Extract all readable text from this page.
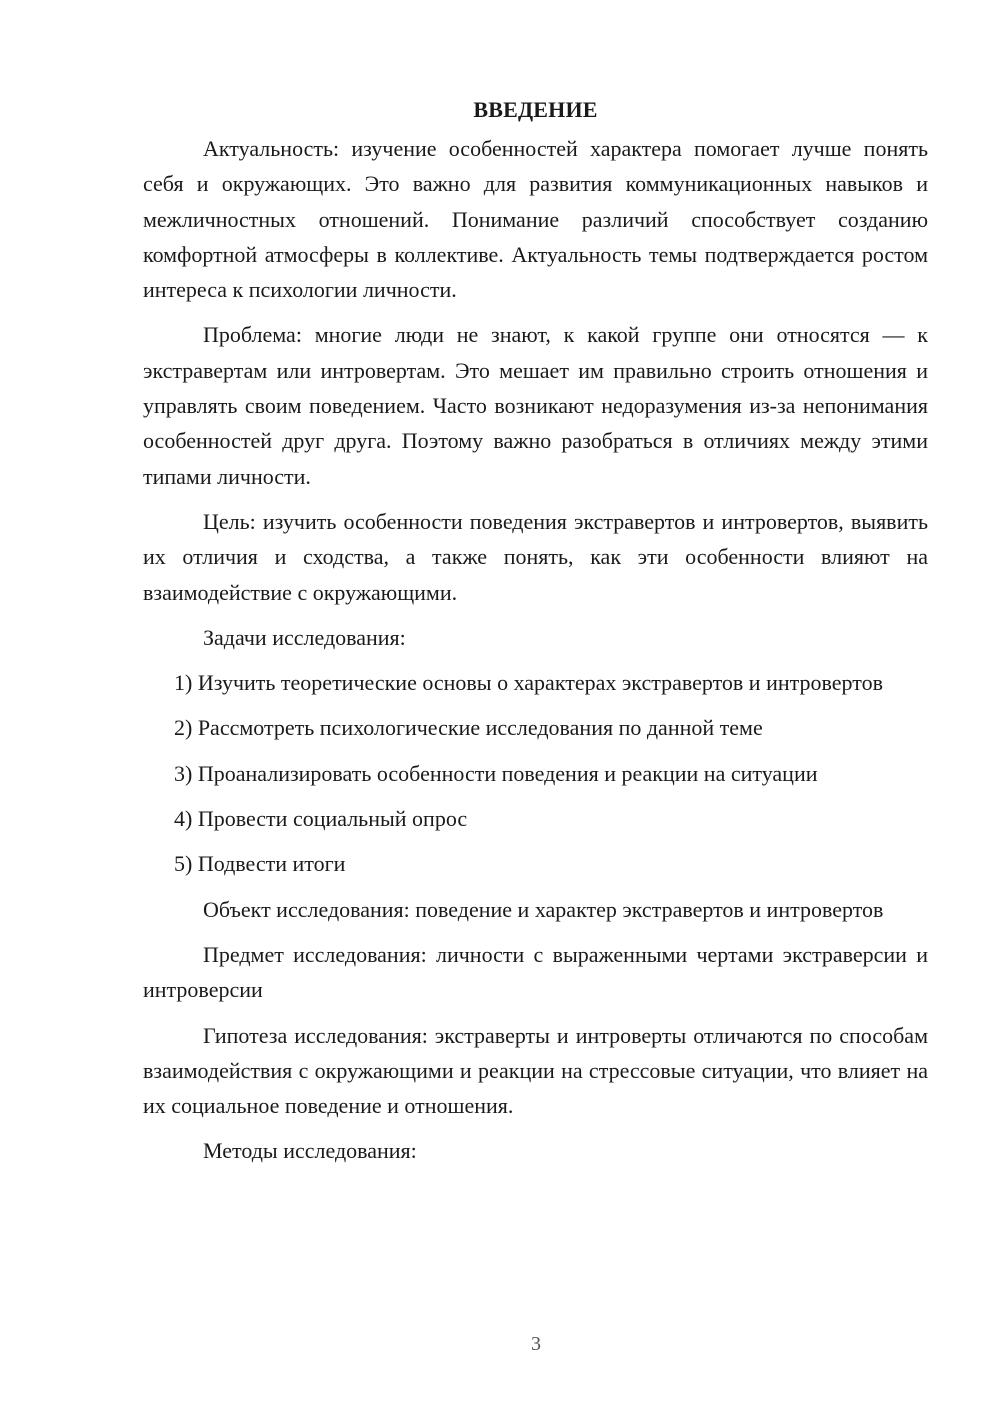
ВВЕДЕНИЕ

Актуальность: изучение особенностей характера помогает лучше понять себя и окружающих. Это важно для развития коммуникационных навыков и межличностных отношений. Понимание различий способствует созданию комфортной атмосферы в коллективе. Актуальность темы подтверждается ростом интереса к психологии личности.

Проблема: многие люди не знают, к какой группе они относятся — к экстравертам или интровертам. Это мешает им правильно строить отношения и управлять своим поведением. Часто возникают недоразумения из-за непонимания особенностей друг друга. Поэтому важно разобраться в отличиях между этими типами личности.

Цель: изучить особенности поведения экстравертов и интровертов, выявить их отличия и сходства, а также понять, как эти особенности влияют на взаимодействие с окружающими.

Задачи исследования:

1) Изучить теоретические основы о характерах экстравертов и интровертов

2) Рассмотреть психологические исследования по данной теме

3) Проанализировать особенности поведения и реакции на ситуации

4) Провести социальный опрос

5) Подвести итоги

Объект исследования: поведение и характер экстравертов и интровертов

Предмет исследования: личности с выраженными чертами экстраверсии и интроверсии

Гипотеза исследования: экстраверты и интроверты отличаются по способам взаимодействия с окружающими и реакции на стрессовые ситуации, что влияет на их социальное поведение и отношения.

Методы исследования:

3
